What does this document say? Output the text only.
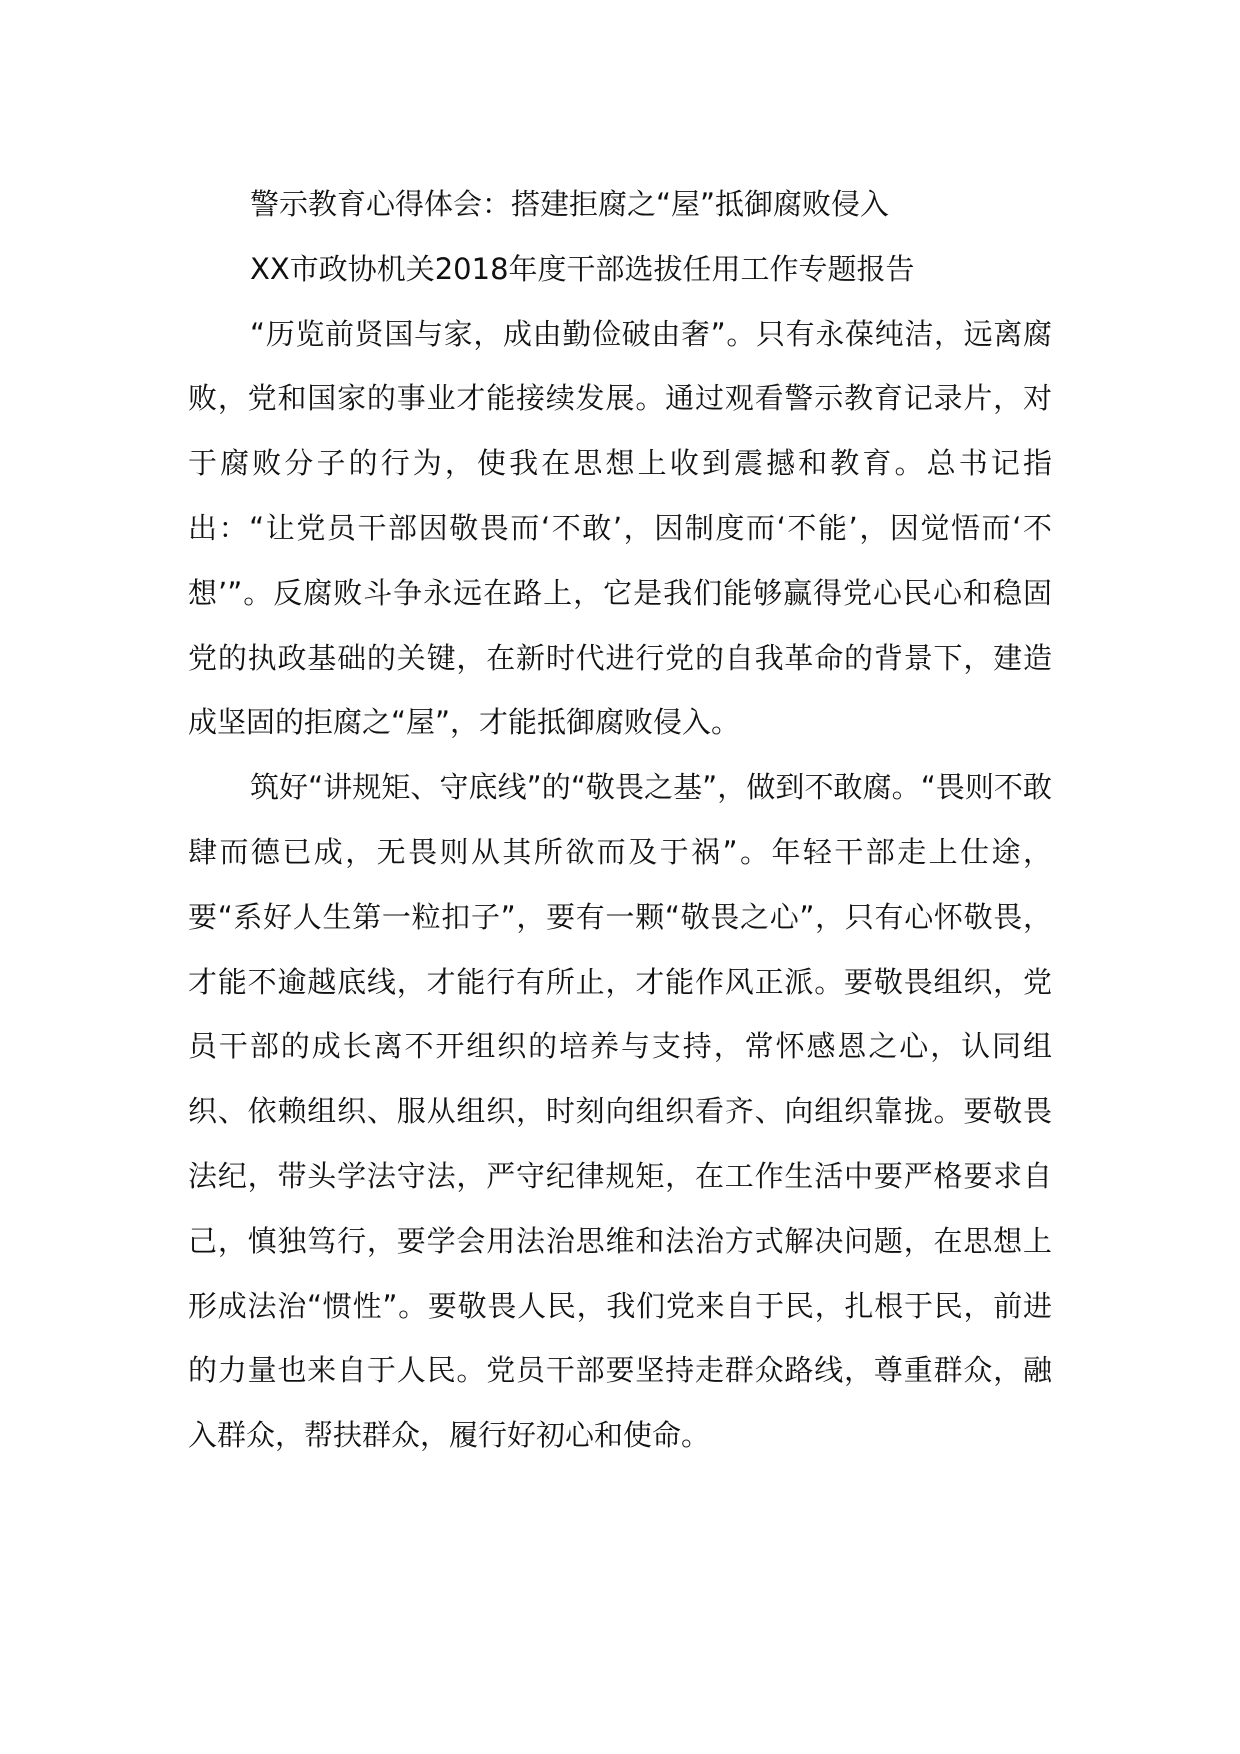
警示教育心得体会：搭建拒腐之“屋”抵御腐败侵入

XX市政协机关2018年度干部选拔任用工作专题报告

“历览前贤国与家，成由勤俭破由奢”。只有永葆纯洁，远离腐败，党和国家的事业才能接续发展。通过观看警示教育记录片，对于腐败分子的行为，使我在思想上收到震撼和教育。总书记指出：“让党员干部因敬畏而‘不敢’，因制度而‘不能’，因觉悟而‘不想’”。反腐败斗争永远在路上，它是我们能够赢得党心民心和稳固党的执政基础的关键，在新时代进行党的自我革命的背景下，建造成坚固的拒腐之“屋”，才能抵御腐败侵入。

筑好“讲规矩、守底线”的“敬畏之基”，做到不敢腐。“畏则不敢肆而德已成，无畏则从其所欲而及于祸”。年轻干部走上仕途，要“系好人生第一粒扣子”，要有一颗“敬畏之心”，只有心怀敬畏，才能不逾越底线，才能行有所止，才能作风正派。要敬畏组织，党员干部的成长离不开组织的培养与支持，常怀感恩之心，认同组织、依赖组织、服从组织，时刻向组织看齐、向组织靠拢。要敬畏法纪，带头学法守法，严守纪律规矩，在工作生活中要严格要求自己，慎独笃行，要学会用法治思维和法治方式解决问题，在思想上形成法治“惯性”。要敬畏人民，我们党来自于民，扎根于民，前进的力量也来自于人民。党员干部要坚持走群众路线，尊重群众，融入群众，帮扶群众，履行好初心和使命。
